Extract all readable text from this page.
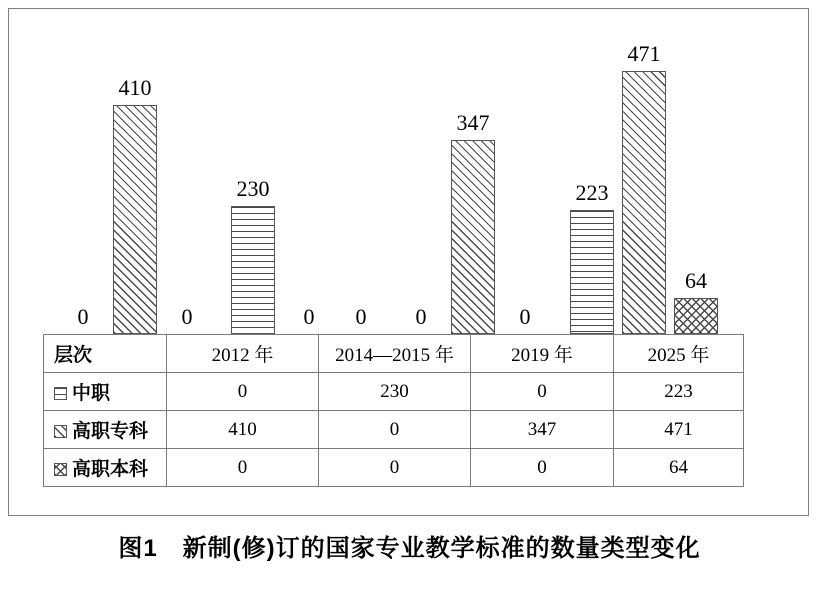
0
410
0
230
0	0	0
347
0
223
471
64
层次	2012 年	2014—2015 年	2019 年	2025 年
中职	0	230	0	223
高职专科	410	0	347	471
高职本科	0	0	0	64
图1　新制(修)订的国家专业教学标准的数量类型变化
